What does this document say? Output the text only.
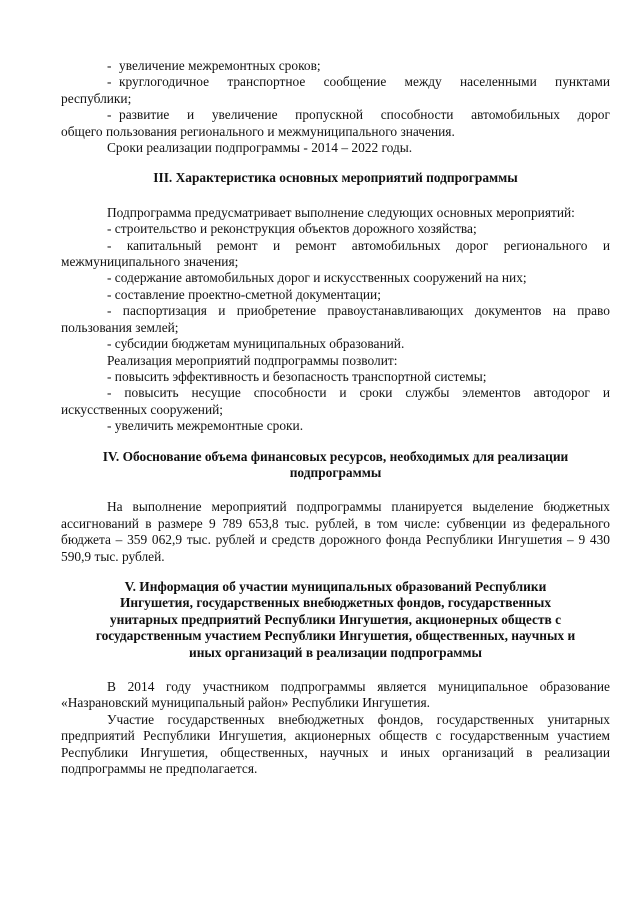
- увеличение межремонтных сроков;
- круглогодичное транспортное сообщение между населенными пунктами

республики;

- развитие и увеличение пропускной способности автомобильных дорог

общего пользования регионального и межмуниципального значения.

Сроки реализации подпрограммы - 2014 – 2022 годы.

III. Характеристика основных мероприятий подпрограммы

Подпрограмма предусматривает выполнение следующих основных мероприятий:

- строительство и реконструкция объектов дорожного хозяйства;

- капитальный ремонт и ремонт автомобильных дорог регионального и межмуниципального значения;

- содержание автомобильных дорог и искусственных сооружений на них;

- составление проектно-сметной документации;

- паспортизация и приобретение правоустанавливающих документов на право пользования землей;

- субсидии бюджетам муниципальных образований.

Реализация мероприятий подпрограммы позволит:

- повысить эффективность и безопасность транспортной системы;

- повысить несущие способности и сроки службы элементов автодорог и искусственных сооружений;

- увеличить межремонтные сроки.

IV. Обоснование объема финансовых ресурсов, необходимых для реализации

подпрограммы

На выполнение мероприятий подпрограммы планируется выделение бюджетных ассигнований в размере 9 789 653,8 тыс. рублей, в том числе: субвенции из федерального бюджета – 359 062,9 тыс. рублей и средств дорожного фонда Республики Ингушетия – 9 430 590,9 тыс. рублей.

V. Информация об участии муниципальных образований Республики

Ингушетия, государственных внебюджетных фондов, государственных

унитарных предприятий Республики Ингушетия, акционерных обществ с

государственным участием Республики Ингушетия, общественных, научных и

иных организаций в реализации подпрограммы

В 2014 году участником подпрограммы является муниципальное образование «Назрановский муниципальный район» Республики Ингушетия.

Участие государственных внебюджетных фондов, государственных унитарных предприятий Республики Ингушетия, акционерных обществ с государственным участием Республики Ингушетия, общественных, научных и иных организаций в реализации подпрограммы не предполагается.
